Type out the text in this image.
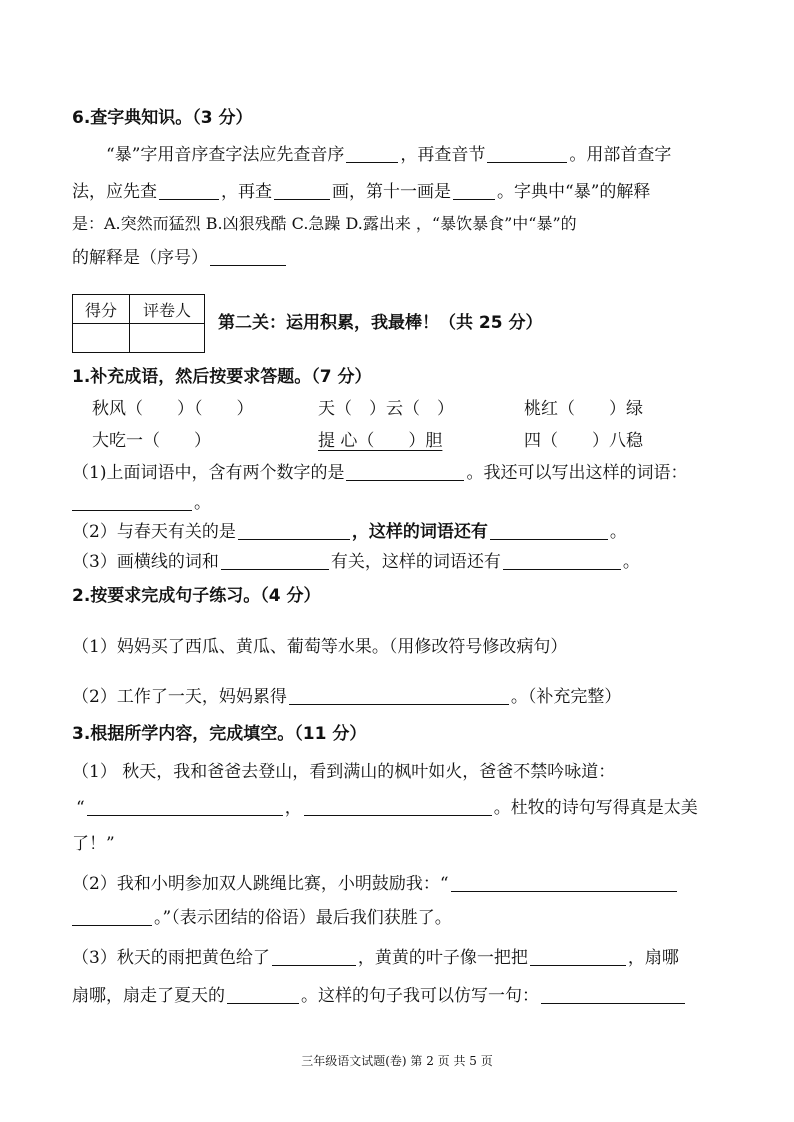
6.查字典知识。（3 分）
“暴”字用音序查字法应先查音序	，再查音节	。用部首查字
法，应先查	，再查	画，第十一画是	。字典中“暴”的解释
是：A.突然而猛烈 B.凶狠残酷 C.急躁 D.露出来 ，“暴饮暴食”中“暴”的
的解释是（序号）
得分	评卷人

第二关：运用积累，我最棒！（共 25 分）
1.补充成语，然后按要求答题。（7 分）
秋风（　　）（　　）	天（　）云（　）	桃红（　　）绿
大吃一（　　）	提 心（　　）胆	四（　　）八稳
（1)上面词语中，含有两个数字的是	。我还可以写出这样的词语：
。
（2）与春天有关的是	，这样的词语还有	。
（3）画横线的词和	有关，这样的词语还有	。
2.按要求完成句子练习。（4 分）
（1）妈妈买了西瓜、黄瓜、葡萄等水果。（用修改符号修改病句）
（2）工作了一天，妈妈累得	。（补充完整）
3.根据所学内容，完成填空。（11 分）
（1） 秋天，我和爸爸去登山，看到满山的枫叶如火，爸爸不禁吟咏道：
“	，	。杜牧的诗句写得真是太美
了！”
（2）我和小明参加双人跳绳比赛，小明鼓励我：“
。”（表示团结的俗语）最后我们获胜了。
（3）秋天的雨把黄色给了	，黄黄的叶子像一把把	，扇哪
扇哪，扇走了夏天的	。这样的句子我可以仿写一句：
三年级语文试题(卷) 第 2 页 共 5 页
